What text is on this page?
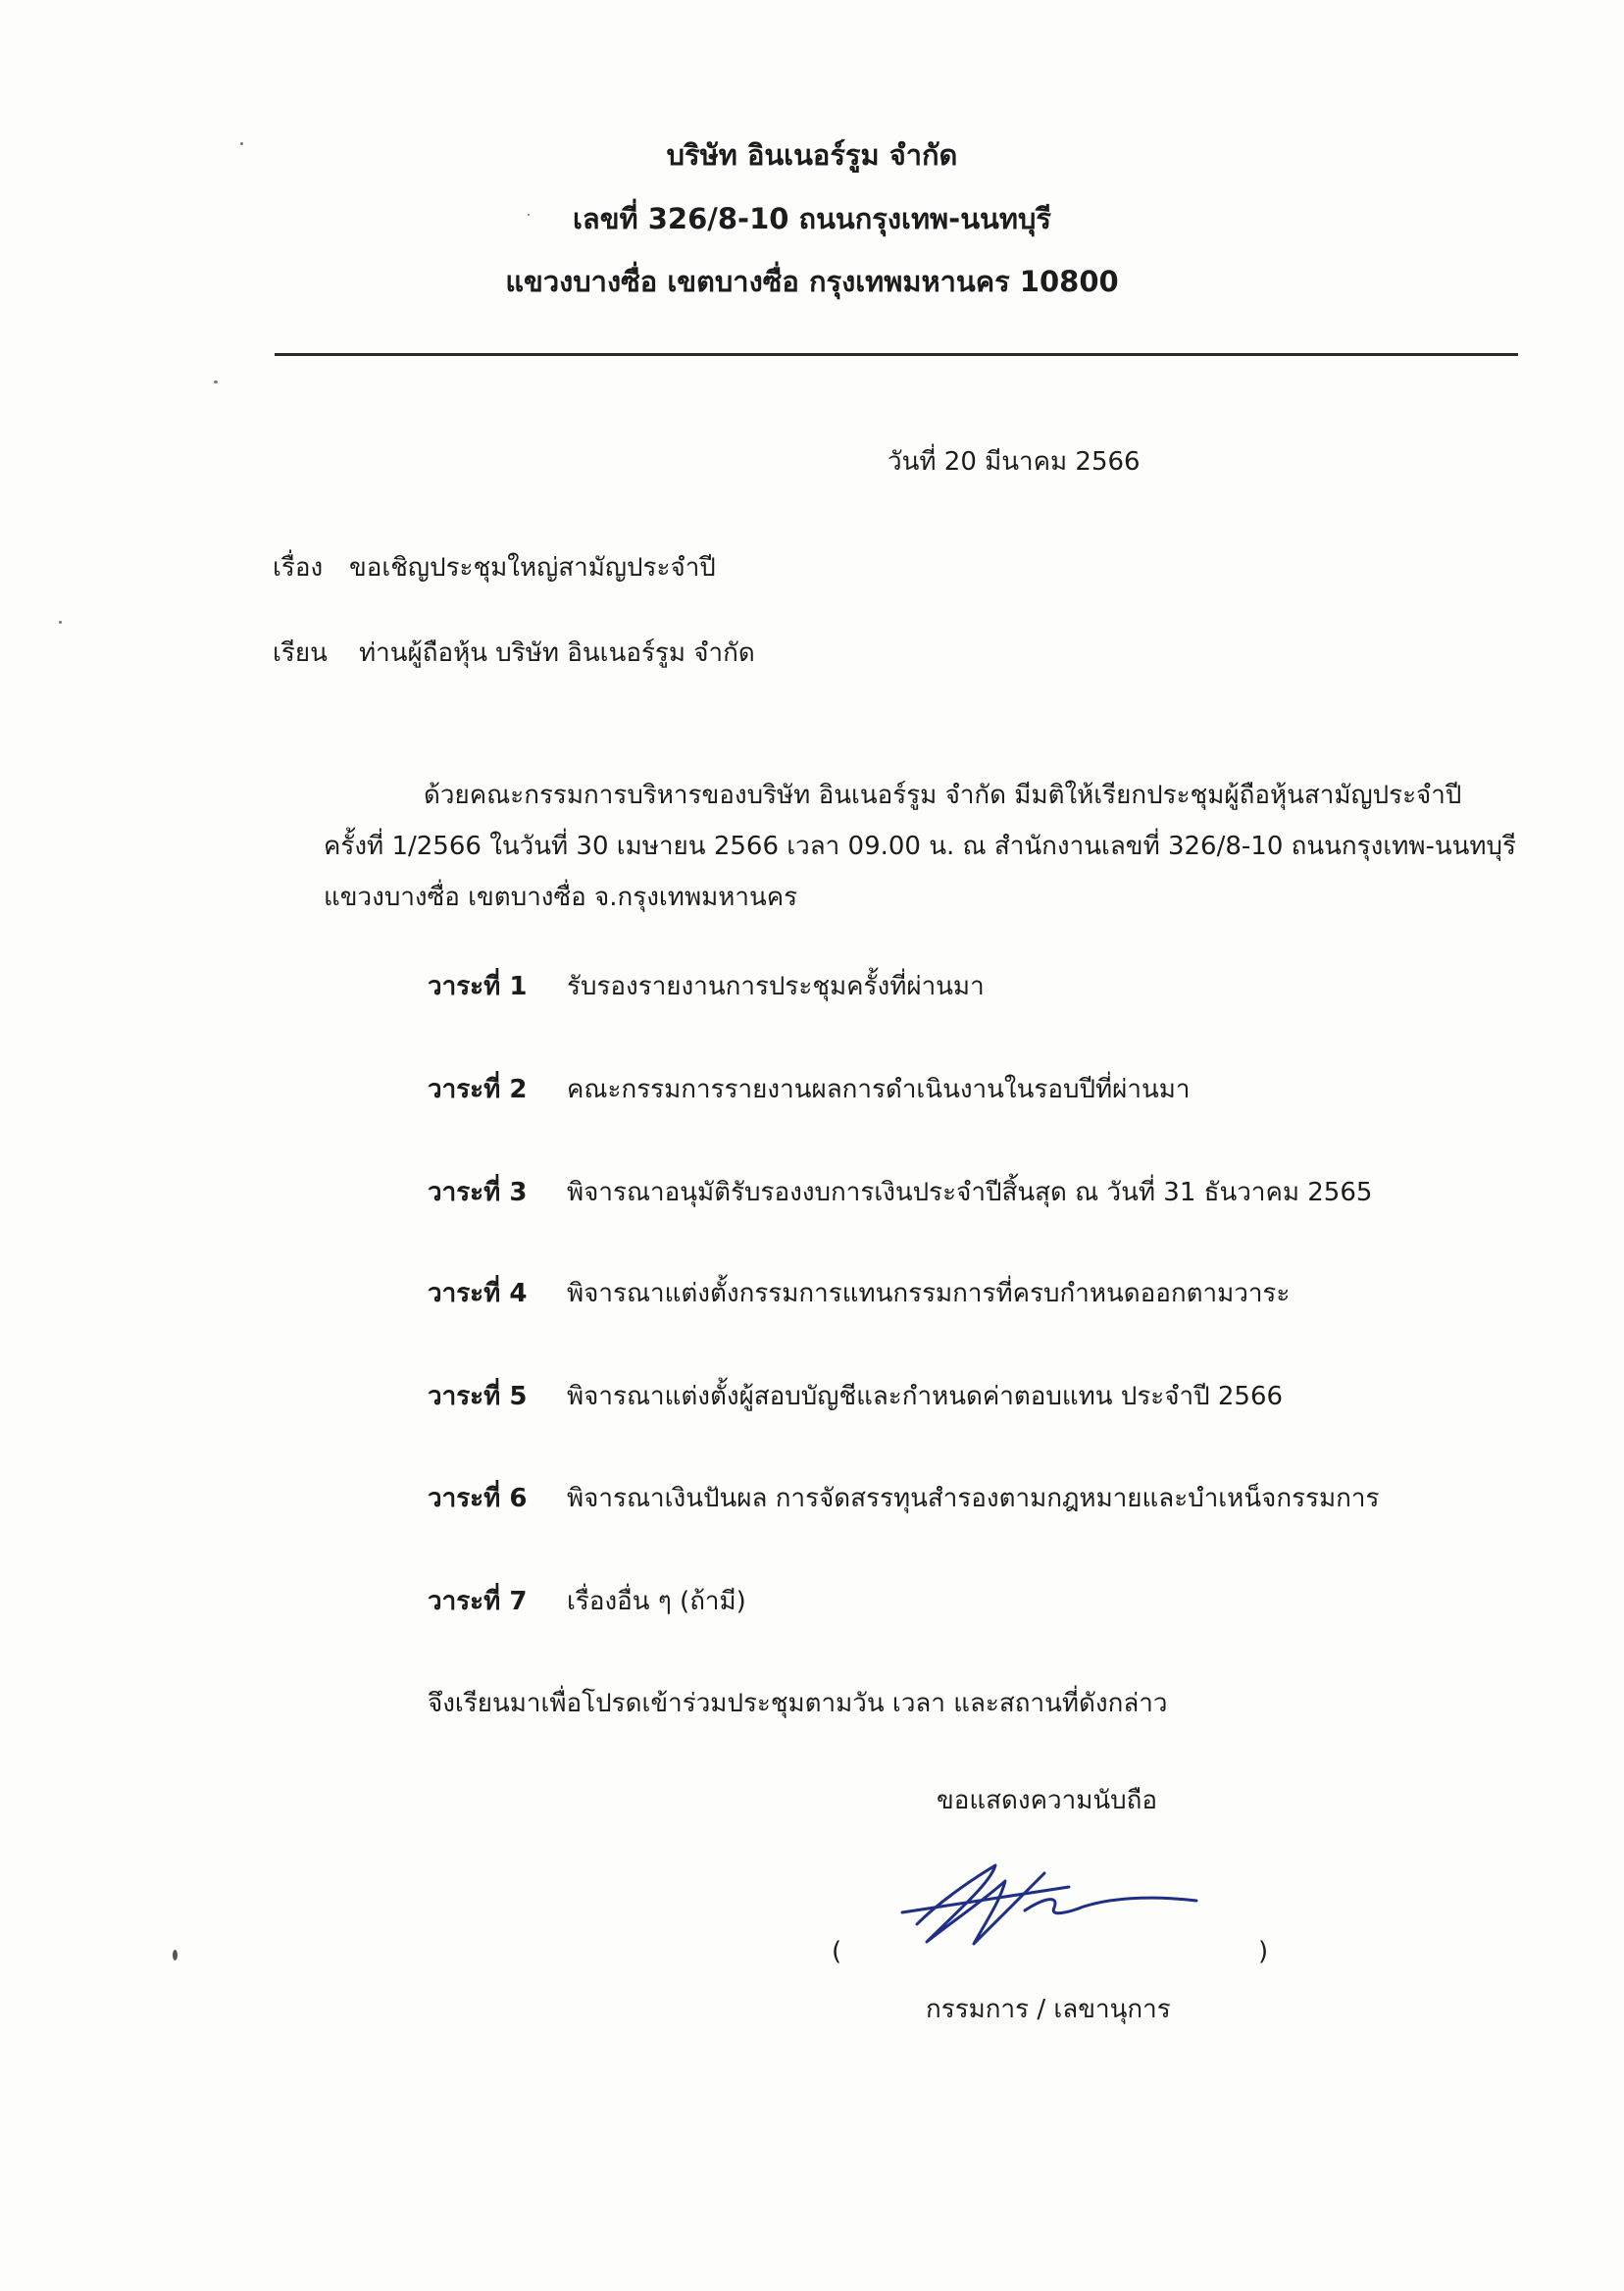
บริษัท อินเนอร์รูม จำกัด
เลขที่ 326/8-10 ถนนกรุงเทพ-นนทบุรี
แขวงบางซื่อ เขตบางซื่อ กรุงเทพมหานคร 10800
วันที่ 20 มีนาคม 2566
เรื่อง ขอเชิญประชุมใหญ่สามัญประจำปี
เรียน ท่านผู้ถือหุ้น บริษัท อินเนอร์รูม จำกัด
ด้วยคณะกรรมการบริหารของบริษัท อินเนอร์รูม จำกัด มีมติให้เรียกประชุมผู้ถือหุ้นสามัญประจำปี
ครั้งที่ 1/2566 ในวันที่ 30 เมษายน 2566 เวลา 09.00 น. ณ สำนักงานเลขที่ 326/8-10 ถนนกรุงเทพ-นนทบุรี
แขวงบางซื่อ เขตบางซื่อ จ.กรุงเทพมหานคร
วาระที่ 1 รับรองรายงานการประชุมครั้งที่ผ่านมา
วาระที่ 2 คณะกรรมการรายงานผลการดำเนินงานในรอบปีที่ผ่านมา
วาระที่ 3 พิจารณาอนุมัติรับรองงบการเงินประจำปีสิ้นสุด ณ วันที่ 31 ธันวาคม 2565
วาระที่ 4 พิจารณาแต่งตั้งกรรมการแทนกรรมการที่ครบกำหนดออกตามวาระ
วาระที่ 5 พิจารณาแต่งตั้งผู้สอบบัญชีและกำหนดค่าตอบแทน ประจำปี 2566
วาระที่ 6 พิจารณาเงินปันผล การจัดสรรทุนสำรองตามกฎหมายและบำเหน็จกรรมการ
วาระที่ 7 เรื่องอื่น ๆ (ถ้ามี)
จึงเรียนมาเพื่อโปรดเข้าร่วมประชุมตามวัน เวลา และสถานที่ดังกล่าว
ขอแสดงความนับถือ
(	)
กรรมการ / เลขานุการ
